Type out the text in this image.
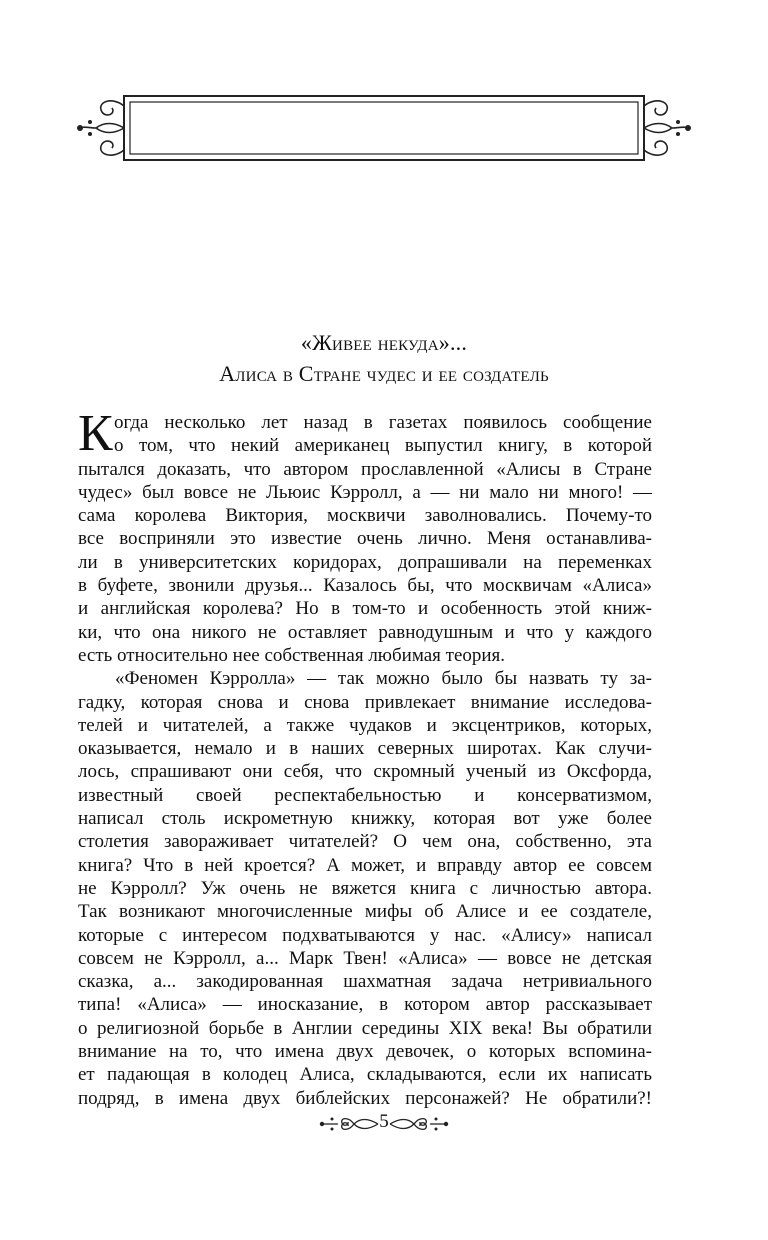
«Живее некуда»...
Алиса в Стране чудес и ее создатель
К огда несколько лет назад в газетах появилось сообщение
о том, что некий американец выпустил книгу, в которой
пытался доказать, что автором прославленной «Алисы в Стране
чудес» был вовсе не Льюис Кэрролл, а — ни мало ни много! —
сама королева Виктория, москвичи заволновались. Почему-то
все восприняли это известие очень лично. Меня останавлива-
ли в университетских коридорах, допрашивали на переменках
в буфете, звонили друзья... Казалось бы, что москвичам «Алиса»
и английская королева? Но в том-то и особенность этой книж-
ки, что она никого не оставляет равнодушным и что у каждого
есть относительно нее собственная любимая теория.
«Феномен Кэрролла» — так можно было бы назвать ту за-
гадку, которая снова и снова привлекает внимание исследова-
телей и читателей, а также чудаков и эксцентриков, которых,
оказывается, немало и в наших северных широтах. Как случи-
лось, спрашивают они себя, что скромный ученый из Оксфорда,
известный своей респектабельностью и консерватизмом,
написал столь искрометную книжку, которая вот уже более
столетия завораживает читателей? О чем она, собственно, эта
книга? Что в ней кроется? А может, и вправду автор ее совсем
не Кэрролл? Уж очень не вяжется книга с личностью автора.
Так возникают многочисленные мифы об Алисе и ее создателе,
которые с интересом подхватываются у нас. «Алису» написал
совсем не Кэрролл, а... Марк Твен! «Алиса» — вовсе не детская
сказка, а... закодированная шахматная задача нетривиального
типа! «Алиса» — иносказание, в котором автор рассказывает
о религиозной борьбе в Англии середины XIX века! Вы обратили
внимание на то, что имена двух девочек, о которых вспомина-
ет падающая в колодец Алиса, складываются, если их написать
подряд, в имена двух библейских персонажей? Не обратили?!
5
